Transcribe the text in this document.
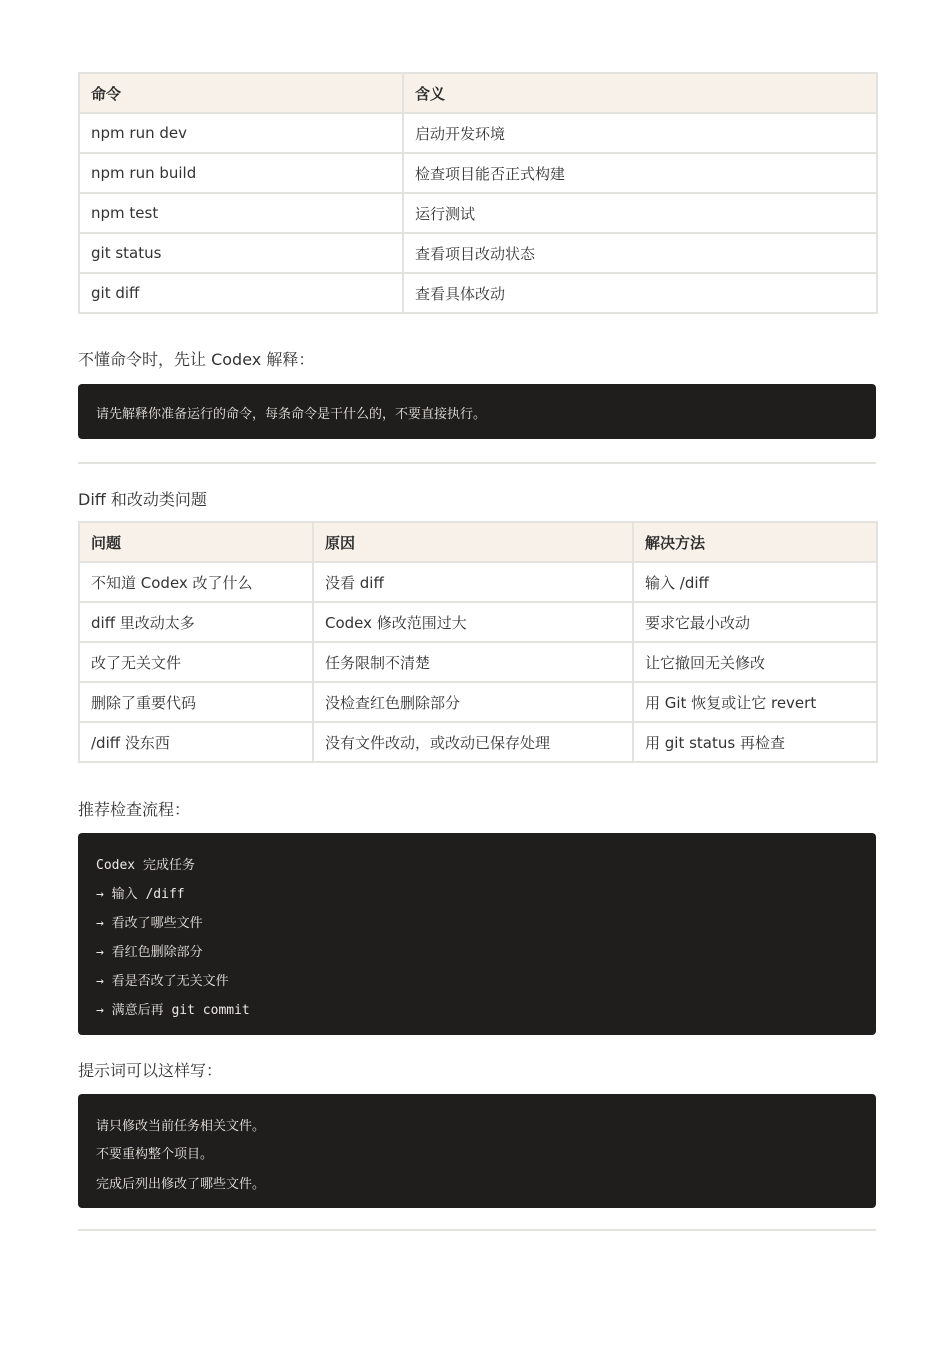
命令	含义
npm run dev	启动开发环境
npm run build	检查项目能否正式构建
npm test	运行测试
git status	查看项目改动状态
git diff	查看具体改动
不懂命令时，先让 Codex 解释：
请先解释你准备运行的命令，每条命令是干什么的，不要直接执行。
Diff 和改动类问题
问题	原因	解决方法
不知道 Codex 改了什么	没看 diff	输入 /diff
diff 里改动太多	Codex 修改范围过大	要求它最小改动
改了无关文件	任务限制不清楚	让它撤回无关修改
删除了重要代码	没检查红色删除部分	用 Git 恢复或让它 revert
/diff 没东西	没有文件改动，或改动已保存处理	用 git status 再检查
推荐检查流程：
Codex 完成任务
→ 输入 /diff
→ 看改了哪些文件
→ 看红色删除部分
→ 看是否改了无关文件
→ 满意后再 git commit
提示词可以这样写：
请只修改当前任务相关文件。
不要重构整个项目。
完成后列出修改了哪些文件。
